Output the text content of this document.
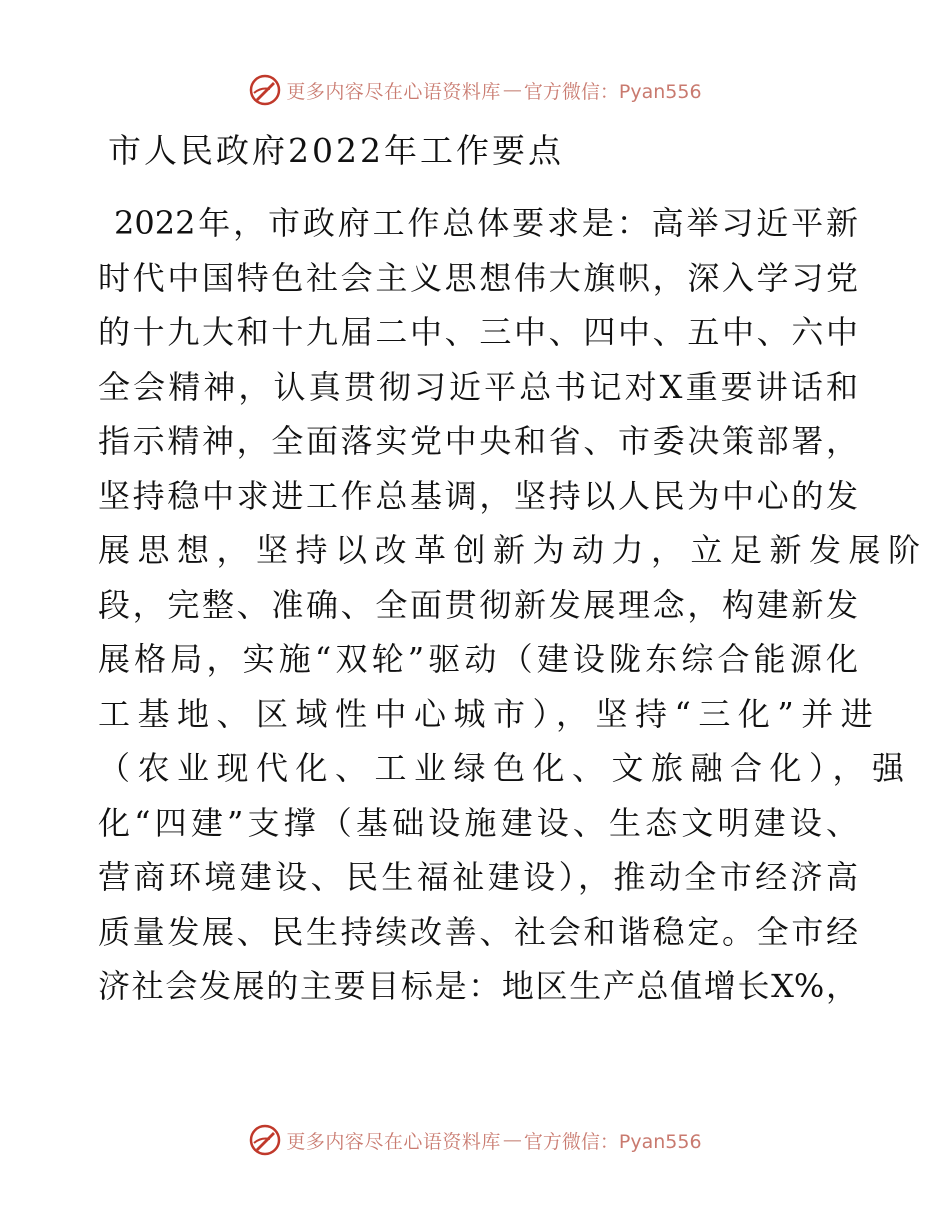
更多内容尽在心语资料库 — 官方微信：Pyan556
市人民政府2022年工作要点
2022年，市政府工作总体要求是：高举习近平新
时代中国特色社会主义思想伟大旗帜，深入学习党
的十九大和十九届二中、三中、四中、五中、六中
全会精神，认真贯彻习近平总书记对X重要讲话和
指示精神，全面落实党中央和省、市委决策部署，
坚持稳中求进工作总基调，坚持以人民为中心的发
展思想，坚持以改革创新为动力，立足新发展阶
段，完整、准确、全面贯彻新发展理念，构建新发
展格局，实施“双轮”驱动（建设陇东综合能源化
工基地、区域性中心城市），坚持“三化”并进
（农业现代化、工业绿色化、文旅融合化），强
化“四建”支撑（基础设施建设、生态文明建设、
营商环境建设、民生福祉建设），推动全市经济高
质量发展、民生持续改善、社会和谐稳定。全市经
济社会发展的主要目标是：地区生产总值增长X%，
更多内容尽在心语资料库 — 官方微信：Pyan556
